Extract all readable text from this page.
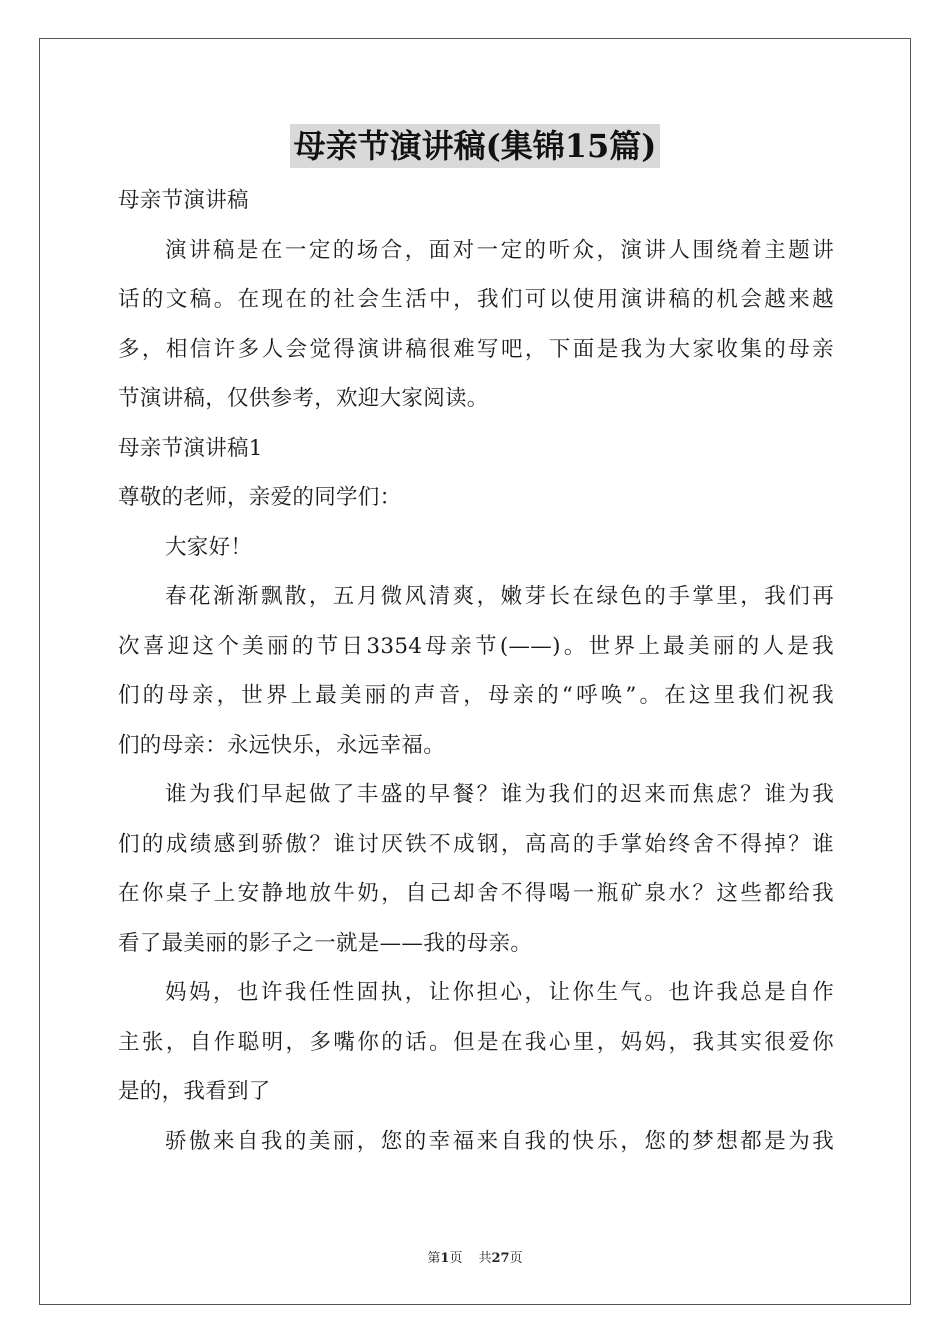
母亲节演讲稿(集锦15篇)
母亲节演讲稿
演讲稿是在一定的场合，面对一定的听众，演讲人围绕着主题讲
话的文稿。在现在的社会生活中，我们可以使用演讲稿的机会越来越
多，相信许多人会觉得演讲稿很难写吧，下面是我为大家收集的母亲
节演讲稿，仅供参考，欢迎大家阅读。
母亲节演讲稿1
尊敬的老师，亲爱的同学们：
大家好！
春花渐渐飘散，五月微风清爽，嫩芽长在绿色的手掌里，我们再
次喜迎这个美丽的节日3354母亲节(——)。世界上最美丽的人是我
们的母亲，世界上最美丽的声音，母亲的“呼唤”。在这里我们祝我
们的母亲：永远快乐，永远幸福。
谁为我们早起做了丰盛的早餐？谁为我们的迟来而焦虑？谁为我
们的成绩感到骄傲？谁讨厌铁不成钢，高高的手掌始终舍不得掉？谁
在你桌子上安静地放牛奶，自己却舍不得喝一瓶矿泉水？这些都给我
看了最美丽的影子之一就是——我的母亲。
妈妈，也许我任性固执，让你担心，让你生气。也许我总是自作
主张，自作聪明，多嘴你的话。但是在我心里，妈妈，我其实很爱你
是的，我看到了
骄傲来自我的美丽，您的幸福来自我的快乐，您的梦想都是为我
第1页 共27页
